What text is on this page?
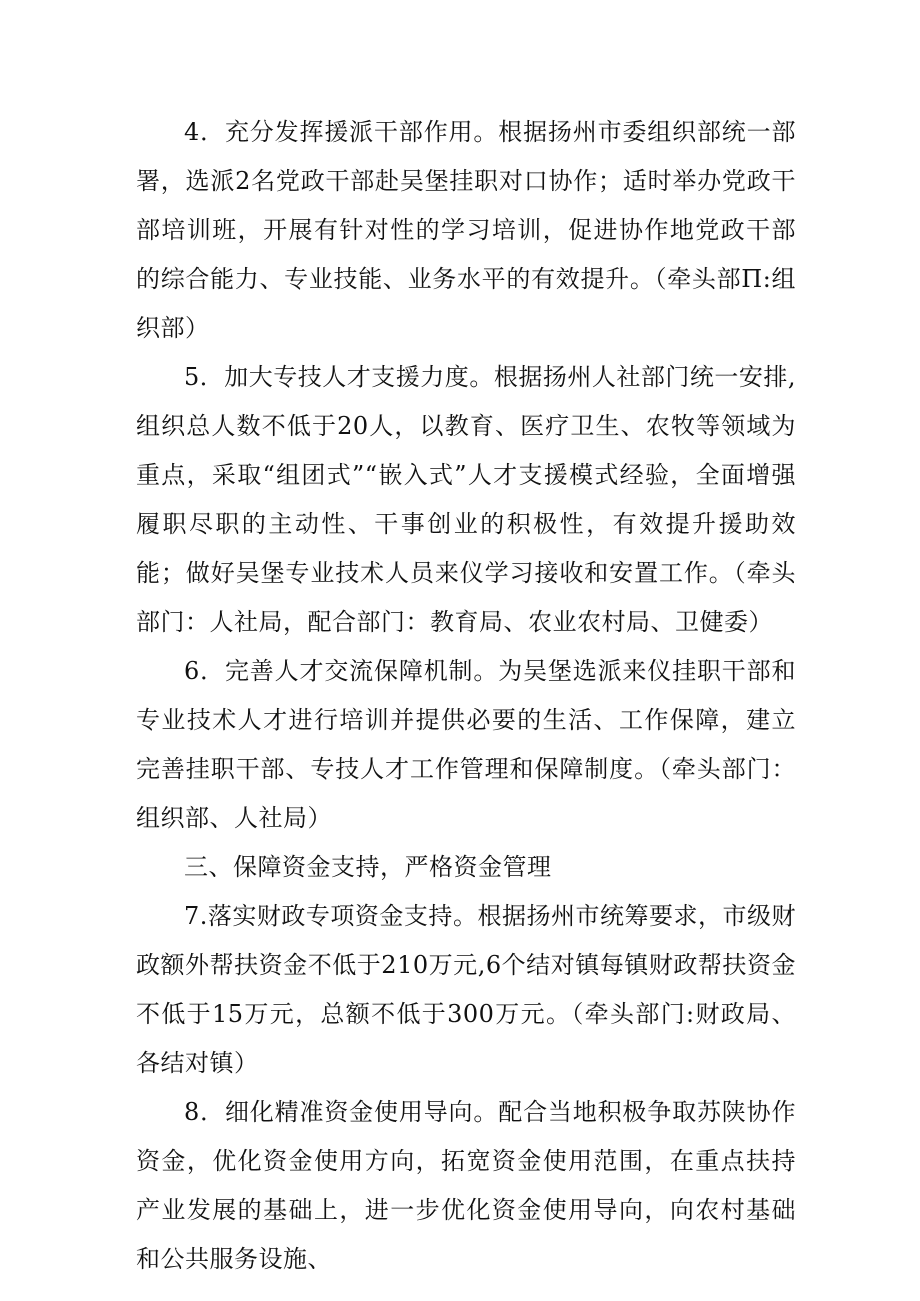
4．充分发挥援派干部作用。根据扬州市委组织部统一部署，选派2名党政干部赴吴堡挂职对口协作；适时举办党政干部培训班，开展有针对性的学习培训，促进协作地党政干部的综合能力、专业技能、业务水平的有效提升。（牵头部Π:组织部）

5．加大专技人才支援力度。根据扬州人社部门统一安排,组织总人数不低于20人，以教育、医疗卫生、农牧等领域为重点，采取“组团式”“嵌入式”人才支援模式经验，全面增强履职尽职的主动性、干事创业的积极性，有效提升援助效能；做好吴堡专业技术人员来仪学习接收和安置工作。（牵头部门：人社局，配合部门：教育局、农业农村局、卫健委）

6．完善人才交流保障机制。为吴堡选派来仪挂职干部和专业技术人才进行培训并提供必要的生活、工作保障，建立完善挂职干部、专技人才工作管理和保障制度。（牵头部门：组织部、人社局）

三、保障资金支持，严格资金管理

7.落实财政专项资金支持。根据扬州市统筹要求，市级财政额外帮扶资金不低于210万元,6个结对镇每镇财政帮扶资金不低于15万元，总额不低于300万元。（牵头部门:财政局、各结对镇）

8．细化精准资金使用导向。配合当地积极争取苏陕协作资金，优化资金使用方向，拓宽资金使用范围，在重点扶持产业发展的基础上，进一步优化资金使用导向，向农村基础和公共服务设施、
